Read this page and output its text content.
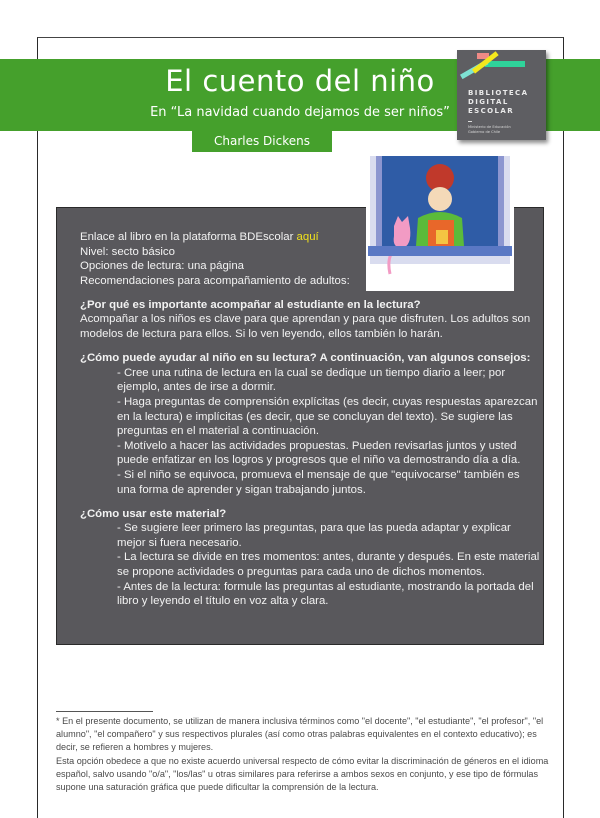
El cuento del niño
En “La navidad cuando dejamos de ser niños”
Charles Dickens
BIBLIOTECA
DIGITAL
ESCOLAR
Ministerio de Educación
Gobierno de Chile

Enlace al libro en la plataforma BDEscolar aquí

Nivel: secto básico

Opciones de lectura: una página

Recomendaciones para acompañamiento de adultos:

¿Por qué es importante acompañar al estudiante en la lectura?

Acompañar a los niños es clave para que aprendan y para que disfruten. Los adultos son modelos de lectura para ellos. Si lo ven leyendo, ellos también lo harán.

¿Cómo puede ayudar al niño en su lectura? A continuación, van algunos consejos:

- Cree una rutina de lectura en la cual se dedique un tiempo diario a leer; por ejemplo, antes de irse a dormir.

- Haga preguntas de comprensión explícitas (es decir, cuyas respuestas aparezcan en la lectura) e implícitas (es decir, que se concluyan del texto). Se sugiere las preguntas en el material a continuación.

- Motívelo a hacer las actividades propuestas. Pueden revisarlas juntos y usted puede enfatizar en los logros y progresos que el niño va demostrando día a día.

- Si el niño se equivoca, promueva el mensaje de que "equivocarse" también es una forma de aprender y sigan trabajando juntos.

¿Cómo usar este material?

- Se sugiere leer primero las preguntas, para que las pueda adaptar y explicar mejor si fuera necesario.

- La lectura se divide en tres momentos: antes, durante y después. En este material se propone actividades o preguntas para cada uno de dichos momentos.

- Antes de la lectura: formule las preguntas al estudiante, mostrando la portada del libro y leyendo el título en voz alta y clara.

* En el presente documento, se utilizan de manera inclusiva términos como "el docente", "el estudiante", "el profesor", "el alumno", "el compañero" y sus respectivos plurales (así como otras palabras equivalentes en el contexto educativo); es decir, se refieren a hombres y mujeres.

Esta opción obedece a que no existe acuerdo universal respecto de cómo evitar la discriminación de géneros en el idioma español, salvo usando "o/a", "los/las" u otras similares para referirse a ambos sexos en conjunto, y ese tipo de fórmulas supone una saturación gráfica que puede dificultar la comprensión de la lectura.
